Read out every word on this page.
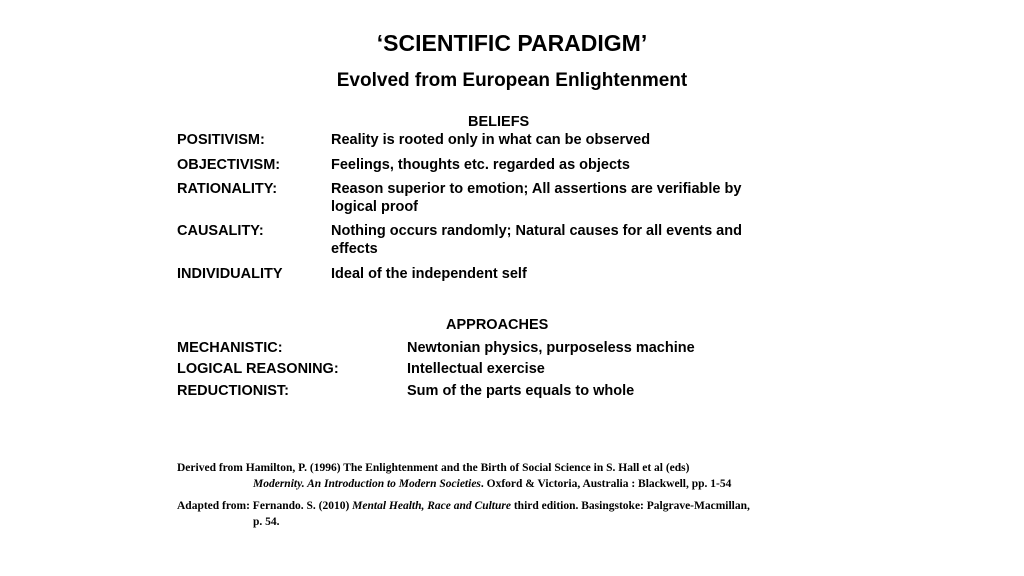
‘SCIENTIFIC PARADIGM’
Evolved from European Enlightenment
BELIEFS
POSITIVISM:	Reality is rooted only in what can be observed
OBJECTIVISM:	Feelings, thoughts etc. regarded as objects
RATIONALITY:	Reason superior to emotion; All assertions are verifiable by logical proof
CAUSALITY:	Nothing occurs randomly; Natural causes for all events and effects
INDIVIDUALITY	Ideal of the independent self
APPROACHES
MECHANISTIC:	Newtonian physics, purposeless machine
LOGICAL REASONING:	Intellectual exercise
REDUCTIONIST:	Sum of the parts equals to whole
Derived from Hamilton, P. (1996) The Enlightenment and the Birth of Social Science in S. Hall et al (eds)
Modernity. An Introduction to Modern Societies. Oxford & Victoria, Australia : Blackwell, pp. 1-54
Adapted from: Fernando. S. (2010) Mental Health, Race and Culture third edition. Basingstoke: Palgrave-Macmillan,
p. 54.
